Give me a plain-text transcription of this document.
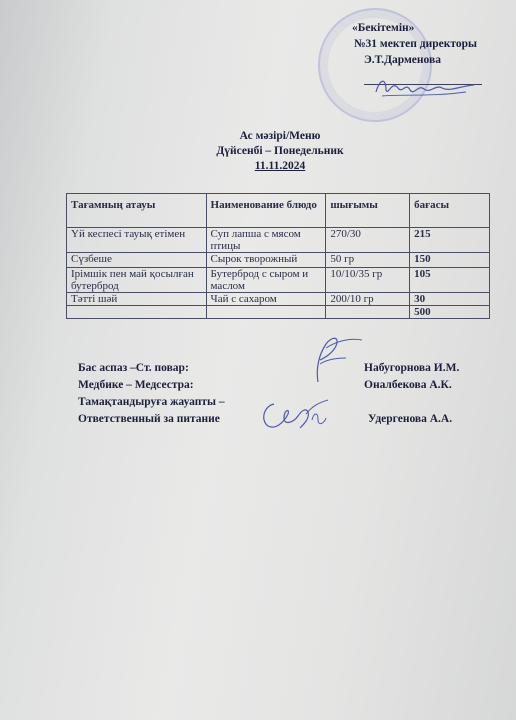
«Бекітемін»
№31 мектеп директоры
Э.Т.Дарменова
Ас мәзірі/Меню
Дүйсенбі – Понедельник
11.11.2024
Тағамның атауы	Наименование блюдо	шығымы	бағасы
Үй кеспесі тауық етімен	Суп лапша с мясом птицы	270/30	215
Сүзбеше	Сырок творожный	50 гр	150
Ірімшік пен май қосылған бутерброд	Бутерброд с сыром и маслом	10/10/35 гр	105
Тәтті шәй	Чай с сахаром	200/10 гр	30
			500
Бас аспаз –Ст. повар:	Набугорнова И.М.
Медбике – Медсестра:	Оналбекова А.К.
Тамақтандыруға жауапты –
Ответственный за питание	Удергенова А.А.
